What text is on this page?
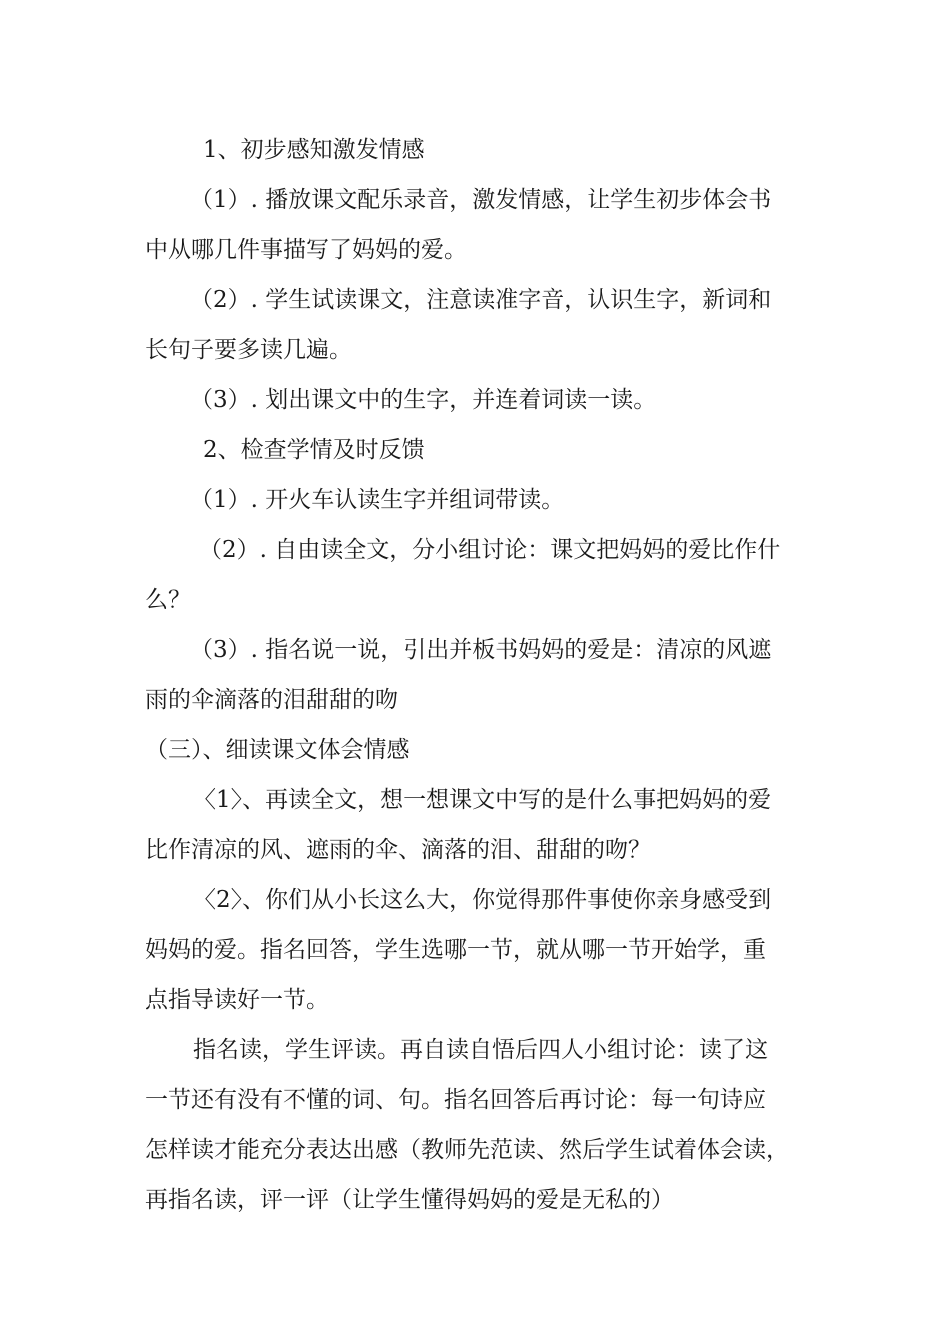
1、初步感知激发情感
（1）. 播放课文配乐录音，激发情感，让学生初步体会书
中从哪几件事描写了妈妈的爱。
（2）. 学生试读课文，注意读准字音，认识生字，新词和
长句子要多读几遍。
（3）. 划出课文中的生字，并连着词读一读。
2、检查学情及时反馈
（1）. 开火车认读生字并组词带读。
（2）. 自由读全文，分小组讨论：课文把妈妈的爱比作什
么？
（3）. 指名说一说，引出并板书妈妈的爱是：清凉的风遮
雨的伞滴落的泪甜甜的吻
（三）、细读课文体会情感
〈1〉、再读全文，想一想课文中写的是什么事把妈妈的爱
比作清凉的风、遮雨的伞、滴落的泪、甜甜的吻？
〈2〉、你们从小长这么大，你觉得那件事使你亲身感受到
妈妈的爱。指名回答，学生选哪一节，就从哪一节开始学，重
点指导读好一节。
指名读，学生评读。再自读自悟后四人小组讨论：读了这
一节还有没有不懂的词、句。指名回答后再讨论：每一句诗应
怎样读才能充分表达出感（教师先范读、然后学生试着体会读，
再指名读，评一评（让学生懂得妈妈的爱是无私的）
